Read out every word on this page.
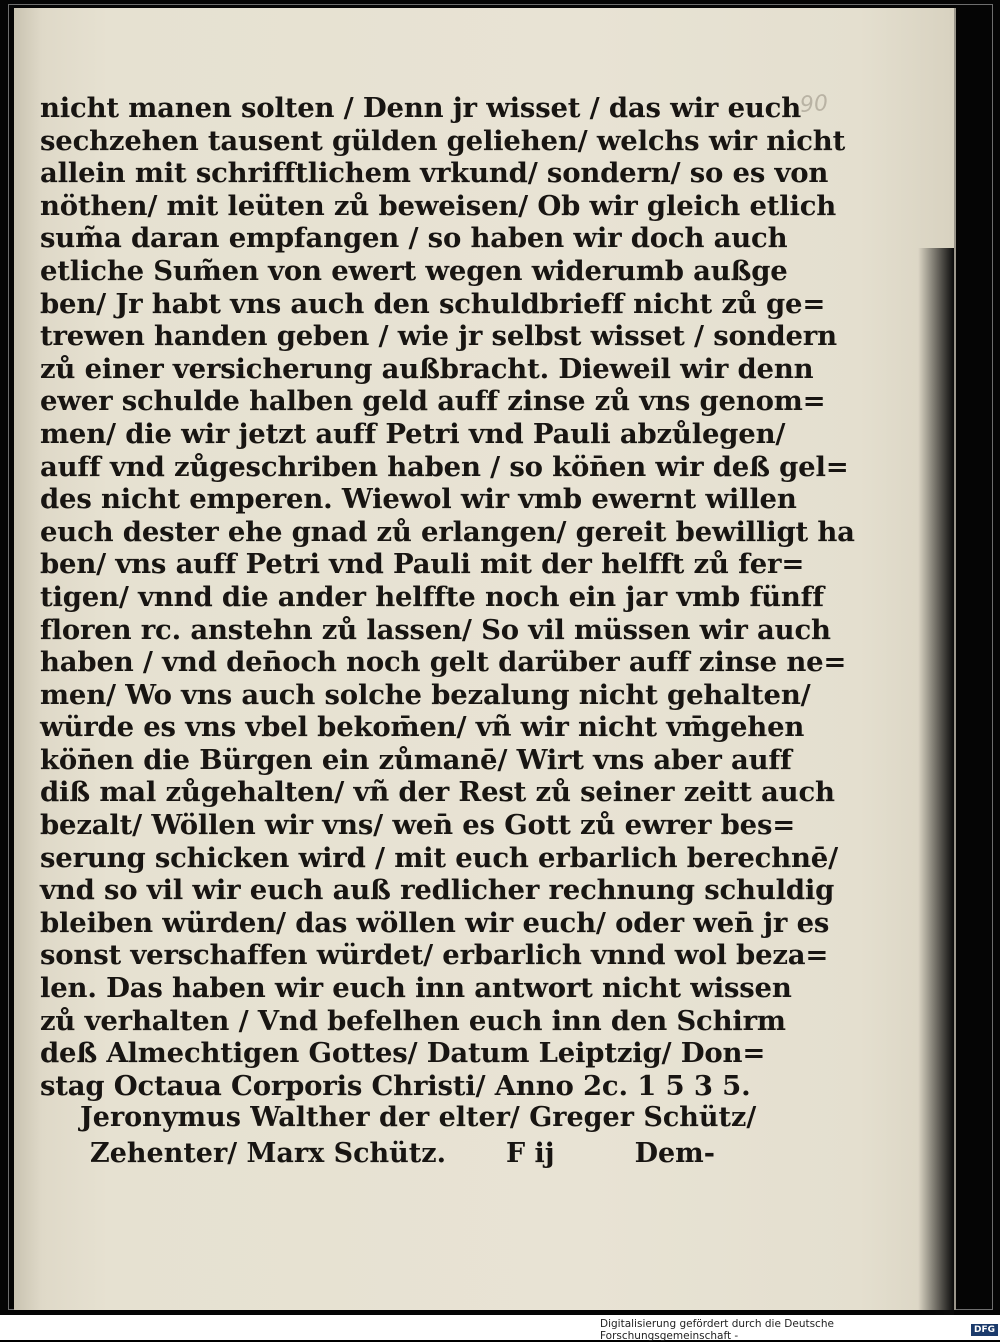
90
nicht manen solten / Denn jr wisset / das wir euch
sechzehen tausent gülden geliehen/ welchs wir nicht
allein mit schrifftlichem vrkund/ sondern/ so es von
nöthen/ mit leüten zů beweisen/ Ob wir gleich etlich
sum̃a daran empfangen / so haben wir doch auch
etliche Sum̃en von ewert wegen widerumb außge
ben/ Jr habt vns auch den schuldbrieff nicht zů ge=
trewen handen geben / wie jr selbst wisset / sondern
zů einer versicherung außbracht. Dieweil wir denn
ewer schulde halben geld auff zinse zů vns genom=
men/ die wir jetzt auff Petri vnd Pauli abzůlegen/
auff vnd zůgeschriben haben / so kön̄en wir deß gel=
des nicht emperen. Wiewol wir vmb ewernt willen
euch dester ehe gnad zů erlangen/ gereit bewilligt ha
ben/ vns auff Petri vnd Pauli mit der helfft zů fer=
tigen/ vnnd die ander helffte noch ein jar vmb fünff
floren rc. anstehn zů lassen/ So vil müssen wir auch
haben / vnd den̄och noch gelt darüber auff zinse ne=
men/ Wo vns auch solche bezalung nicht gehalten/
würde es vns vbel bekom̄en/ vñ wir nicht vm̄gehen
kön̄en die Bürgen ein zůmanē/ Wirt vns aber auff
diß mal zůgehalten/ vñ der Rest zů seiner zeitt auch
bezalt/ Wöllen wir vns/ wen̄ es Gott zů ewrer bes=
serung schicken wird / mit euch erbarlich berechnē/
vnd so vil wir euch auß redlicher rechnung schuldig
bleiben würden/ das wöllen wir euch/ oder wen̄ jr es
sonst verschaffen würdet/ erbarlich vnnd wol beza=
len. Das haben wir euch inn antwort nicht wissen
zů verhalten / Vnd befelhen euch inn den Schirm
deß Almechtigen Gottes/ Datum Leiptzig/ Don=
stag Octaua Corporis Christi/ Anno 2c. 1 5 3 5.
Jeronymus Walther der elter/ Greger Schütz/
Zehenter/ Marx Schütz. F ij	Dem-
Digitalisierung gefördert durch die Deutsche Forschungsgemeinschaft -	DFG
